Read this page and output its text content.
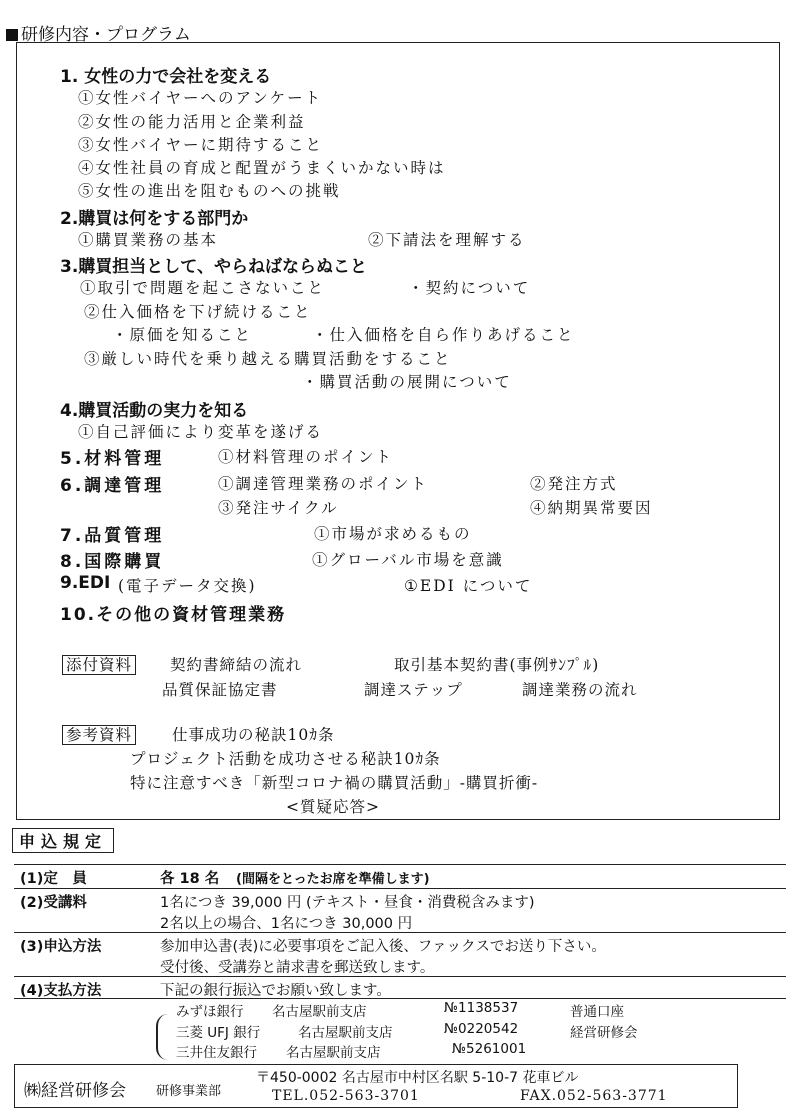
研修内容・プログラム
1. 女性の力で会社を変える
①女性バイヤーへのアンケート
②女性の能力活用と企業利益
③女性バイヤーに期待すること
④女性社員の育成と配置がうまくいかない時は
⑤女性の進出を阻むものへの挑戦
2.購買は何をする部門か
①購買業務の基本	②下請法を理解する
3.購買担当として、やらねばならぬこと
①取引で問題を起こさないこと	・契約について
②仕入価格を下げ続けること
・原価を知ること	・仕入価格を自ら作りあげること
③厳しい時代を乗り越える購買活動をすること
・購買活動の展開について
4.購買活動の実力を知る
①自己評価により変革を遂げる
5.材料管理	①材料管理のポイント
6.調達管理	①調達管理業務のポイント	②発注方式
③発注サイクル	④納期異常要因
7.品質管理	①市場が求めるもの
8.国際購買	①グローバル市場を意識
9.EDI (電子データ交換)	①EDI について
10.その他の資材管理業務
添付資料 契約書締結の流れ	取引基本契約書(事例ｻﾝﾌﾟﾙ)
品質保証協定書	調達ステップ	調達業務の流れ
参考資料	仕事成功の秘訣10ｶ条
プロジェクト活動を成功させる秘訣10ｶ条
特に注意すべき「新型コロナ禍の購買活動」-購買折衝-
<質疑応答>
申込規定
(1)定　員	各 18 名 (間隔をとったお席を準備します)
(2)受講料	1名につき 39,000 円 (テキスト・昼食・消費税含みます)
2名以上の場合、1名につき 30,000 円
(3)申込方法	参加申込書(表)に必要事項をご記入後、ファックスでお送り下さい。
受付後、受講券と請求書を郵送致します。
(4)支払方法	下記の銀行振込でお願い致します。
みずほ銀行 名古屋駅前支店	№1138537	普通口座
三菱 UFJ 銀行	名古屋駅前支店	№0220542	経営研修会
三井住友銀行 名古屋駅前支店	№5261001
㈱経営研修会 研修事業部
〒450-0002 名古屋市中村区名駅 5-10-7 花車ビル
TEL.052-563-3701	FAX.052-563-3771
